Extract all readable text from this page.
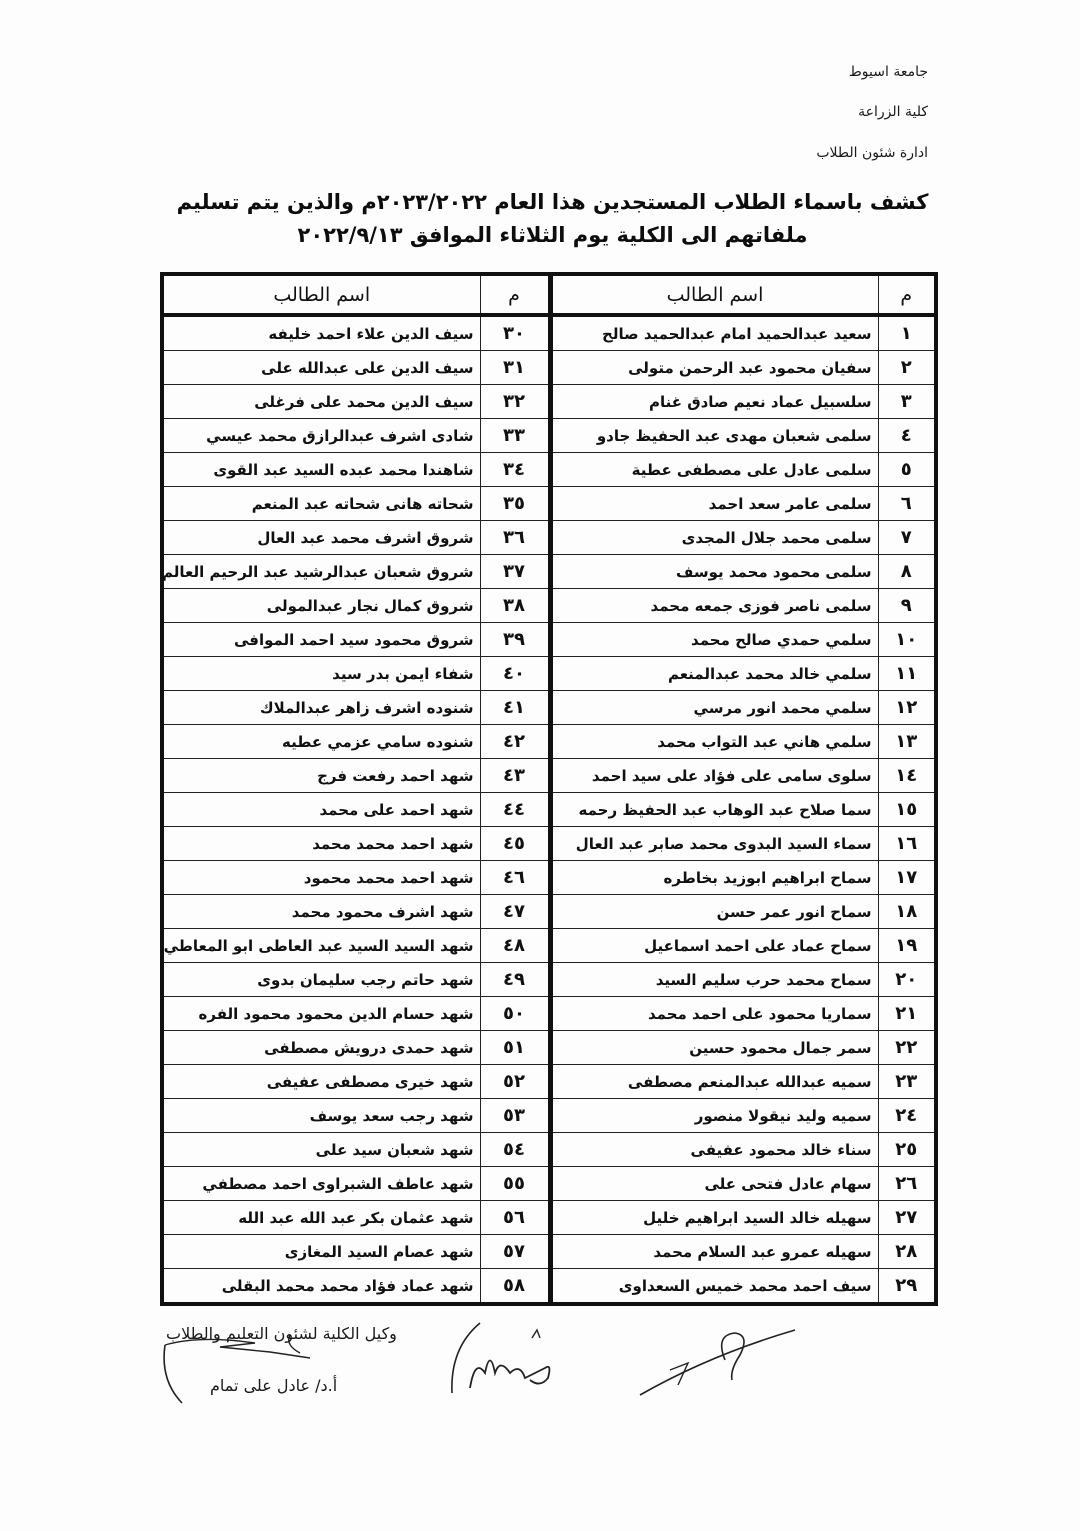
جامعة اسيوط
كلية الزراعة
ادارة شئون الطلاب
كشف باسماء الطلاب المستجدين هذا العام ٢٠٢٣/٢٠٢٢م والذين يتم تسليم
ملفاتهم الى الكلية يوم الثلاثاء الموافق ٢٠٢٢/٩/١٣
م	اسم الطالب	م	اسم الطالب
١	سعيد عبدالحميد امام عبدالحميد صالح	٣٠	سيف الدين علاء احمد خليفه
٢	سفيان محمود عبد الرحمن متولى	٣١	سيف الدين على عبدالله على
٣	سلسبيل عماد نعيم صادق غنام	٣٢	سيف الدين محمد على فرغلى
٤	سلمى شعبان مهدى عبد الحفيظ جادو	٣٣	شادى اشرف عبدالرازق محمد عيسي
٥	سلمى عادل على مصطفى عطية	٣٤	شاهندا محمد عبده السيد عبد القوى
٦	سلمى عامر سعد احمد	٣٥	شحاته هانى شحاته عبد المنعم
٧	سلمى محمد جلال المجدى	٣٦	شروق اشرف محمد عبد العال
٨	سلمى محمود محمد يوسف	٣٧	شروق شعبان عبدالرشيد عبد الرحيم العالم
٩	سلمى ناصر فوزى جمعه محمد	٣٨	شروق كمال نجار عبدالمولى
١٠	سلمي حمدي صالح محمد	٣٩	شروق محمود سيد احمد الموافى
١١	سلمي خالد محمد عبدالمنعم	٤٠	شفاء ايمن بدر سيد
١٢	سلمي محمد انور مرسي	٤١	شنوده اشرف زاهر عبدالملاك
١٣	سلمي هاني عبد التواب محمد	٤٢	شنوده سامي عزمي عطيه
١٤	سلوى سامى على فؤاد على سيد احمد	٤٣	شهد احمد رفعت فرج
١٥	سما صلاح عبد الوهاب عبد الحفيظ رحمه	٤٤	شهد احمد على محمد
١٦	سماء السيد البدوى محمد صابر عبد العال	٤٥	شهد احمد محمد محمد
١٧	سماح ابراهيم ابوزيد بخاطره	٤٦	شهد احمد محمد محمود
١٨	سماح انور عمر حسن	٤٧	شهد اشرف محمود محمد
١٩	سماح عماد على احمد اسماعيل	٤٨	شهد السيد السيد عبد العاطى ابو المعاطي
٢٠	سماح محمد حرب سليم السيد	٤٩	شهد حاتم رجب سليمان بدوى
٢١	سماريا محمود على احمد محمد	٥٠	شهد حسام الدين محمود محمود الفره
٢٢	سمر جمال محمود حسين	٥١	شهد حمدى درويش مصطفى
٢٣	سميه عبدالله عبدالمنعم مصطفى	٥٢	شهد خيرى مصطفى عفيفى
٢٤	سميه وليد نيقولا منصور	٥٣	شهد رجب سعد يوسف
٢٥	سناء خالد محمود عفيفى	٥٤	شهد شعبان سيد على
٢٦	سهام عادل فتحى على	٥٥	شهد عاطف الشبراوى احمد مصطفي
٢٧	سهيله خالد السيد ابراهيم خليل	٥٦	شهد عثمان بكر عبد الله عبد الله
٢٨	سهيله عمرو عبد السلام محمد	٥٧	شهد عصام السيد المغازى
٢٩	سيف احمد محمد خميس السعداوى	٥٨	شهد عماد فؤاد محمد محمد البقلى
وكيل الكلية لشئون التعليم والطلاب
أ.د/ عادل على تمام
